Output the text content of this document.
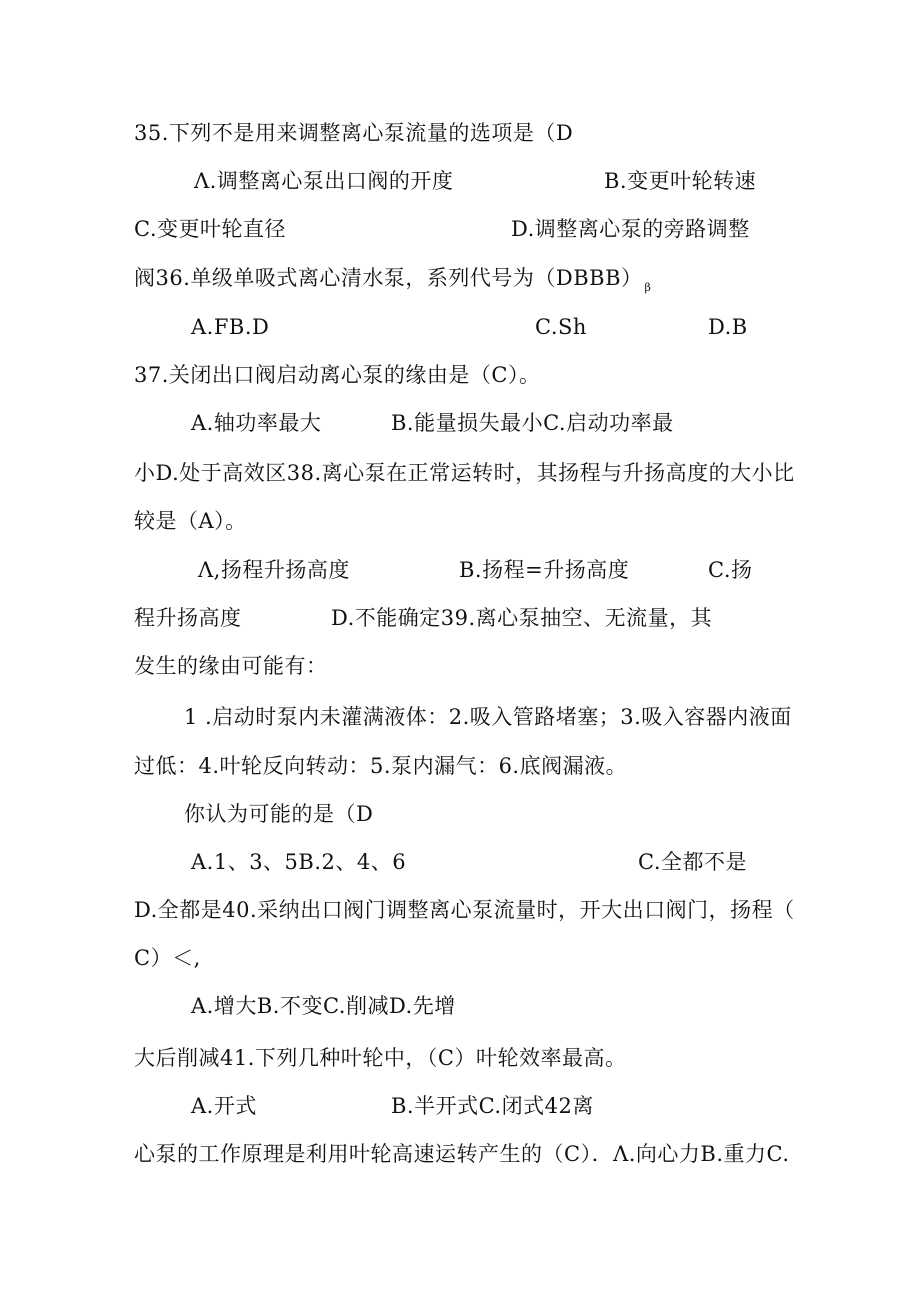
35.下列不是用来调整离心泵流量的选项是（D
Λ.调整离心泵出口阀的开度	B.变更叶轮转速
C.变更叶轮直径	D.调整离心泵的旁路调整
阀36.单级单吸式离心清水泵，系列代号为（DBBB） $_\beta$
A.FB.D	C.Sh	D.B
37.关闭出口阀启动离心泵的缘由是（C）。
A.轴功率最大	B.能量损失最小C.启动功率最
小D.处于高效区38.离心泵在正常运转时，其扬程与升扬高度的大小比
较是（A）。
Λ,扬程升扬高度	B.扬程=升扬高度	C.扬
程升扬高度	D.不能确定39.离心泵抽空、无流量，其
发生的缘由可能有：
1 .启动时泵内未灌满液体：2.吸入管路堵塞；3.吸入容器内液面
过低：4.叶轮反向转动：5.泵内漏气：6.底阀漏液。
你认为可能的是（D
A.1、3、5B.2、4、6	C.全都不是
D.全都是40.采纳出口阀门调整离心泵流量时，开大出口阀门，扬程（
C）＜,
A.增大B.不变C.削减D.先增
大后削减41.下列几种叶轮中，（C）叶轮效率最高。
A.开式	B.半开式C.闭式42离
心泵的工作原理是利用叶轮高速运转产生的（C）．Λ.向心力B.重力C.
